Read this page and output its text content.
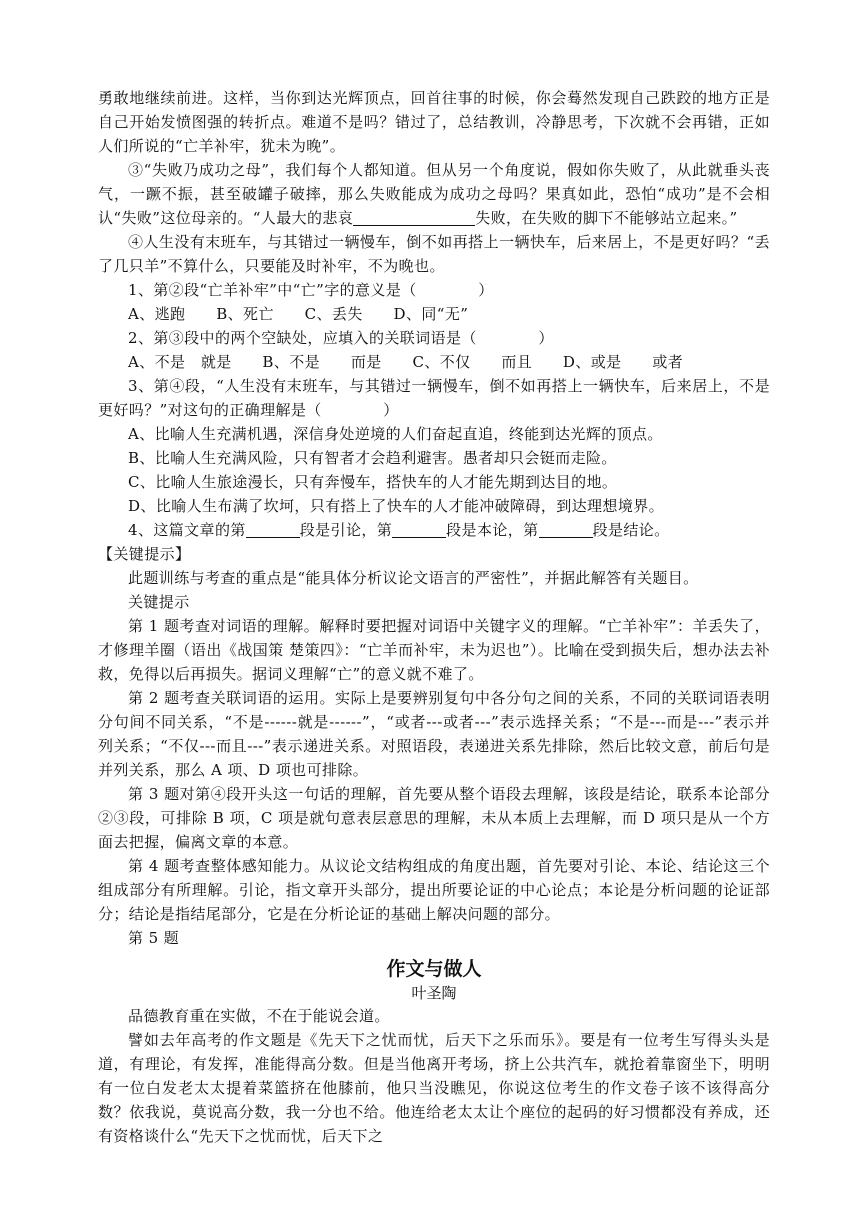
勇敢地继续前进。这样，当你到达光辉顶点，回首往事的时候，你会蓦然发现自己跌跤的地方正是自己开始发愤图强的转折点。难道不是吗？错过了，总结教训，冷静思考，下次就不会再错，正如人们所说的“亡羊补牢，犹未为晚”。

③“失败乃成功之母”，我们每个人都知道。但从另一个角度说，假如你失败了，从此就垂头丧气，一蹶不振，甚至破罐子破摔，那么失败能成为成功之母吗？果真如此，恐怕“成功”是不会相认“失败”这位母亲的。“人最大的悲哀	失败，在失败的脚下不能够站立起来。”

④人生没有末班车，与其错过一辆慢车，倒不如再搭上一辆快车，后来居上，不是更好吗？“丢了几只羊”不算什么，只要能及时补牢，不为晚也。

1、第②段“亡羊补牢”中“亡”字的意义是（　　　　）

A、逃跑　　B、死亡　　C、丢失　　D、同“无”

2、第③段中的两个空缺处，应填入的关联词语是（　　　　）

A、不是　就是　　B、不是　　而是　　C、不仅　　而且　　D、或是　　或者

3、第④段，“人生没有末班车，与其错过一辆慢车，倒不如再搭上一辆快车，后来居上，不是更好吗？”对这句的正确理解是（　　　　）

A、比喻人生充满机遇，深信身处逆境的人们奋起直追，终能到达光辉的顶点。

B、比喻人生充满风险，只有智者才会趋利避害。愚者却只会铤而走险。

C、比喻人生旅途漫长，只有奔慢车，搭快车的人才能先期到达目的地。

D、比喻人生布满了坎坷，只有搭上了快车的人才能冲破障碍，到达理想境界。

4、这篇文章的第	段是引论，第	段是本论，第	段是结论。

【关键提示】

此题训练与考查的重点是“能具体分析议论文语言的严密性”，并据此解答有关题目。

关键提示

第 1 题考查对词语的理解。解释时要把握对词语中关键字义的理解。“亡羊补牢”：羊丢失了，才修理羊圈（语出《战国策 楚策四》：“亡羊而补牢，未为迟也”）。比喻在受到损失后，想办法去补救，免得以后再损失。据词义理解“亡”的意义就不难了。

第 2 题考查关联词语的运用。实际上是要辨别复句中各分句之间的关系，不同的关联词语表明分句间不同关系，“不是------就是------”，“或者---或者---”表示选择关系；“不是---而是---”表示并列关系；“不仅---而且---”表示递进关系。对照语段，表递进关系先排除，然后比较文意，前后句是并列关系，那么 A 项、D 项也可排除。

第 3 题对第④段开头这一句话的理解，首先要从整个语段去理解，该段是结论，联系本论部分②③段，可排除 B 项，C 项是就句意表层意思的理解，未从本质上去理解，而 D 项只是从一个方面去把握，偏离文章的本意。

第 4 题考查整体感知能力。从议论文结构组成的角度出题，首先要对引论、本论、结论这三个组成部分有所理解。引论，指文章开头部分，提出所要论证的中心论点；本论是分析问题的论证部分；结论是指结尾部分，它是在分析论证的基础上解决问题的部分。

第 5 题

作文与做人

叶圣陶

品德教育重在实做，不在于能说会道。

譬如去年高考的作文题是《先天下之忧而忧，后天下之乐而乐》。要是有一位考生写得头头是道，有理论，有发挥，准能得高分数。但是当他离开考场，挤上公共汽车，就抢着靠窗坐下，明明有一位白发老太太提着菜篮挤在他膝前，他只当没瞧见，你说这位考生的作文卷子该不该得高分数？依我说，莫说高分数，我一分也不给。他连给老太太让个座位的起码的好习惯都没有养成，还有资格谈什么“先天下之忧而忧，后天下之
